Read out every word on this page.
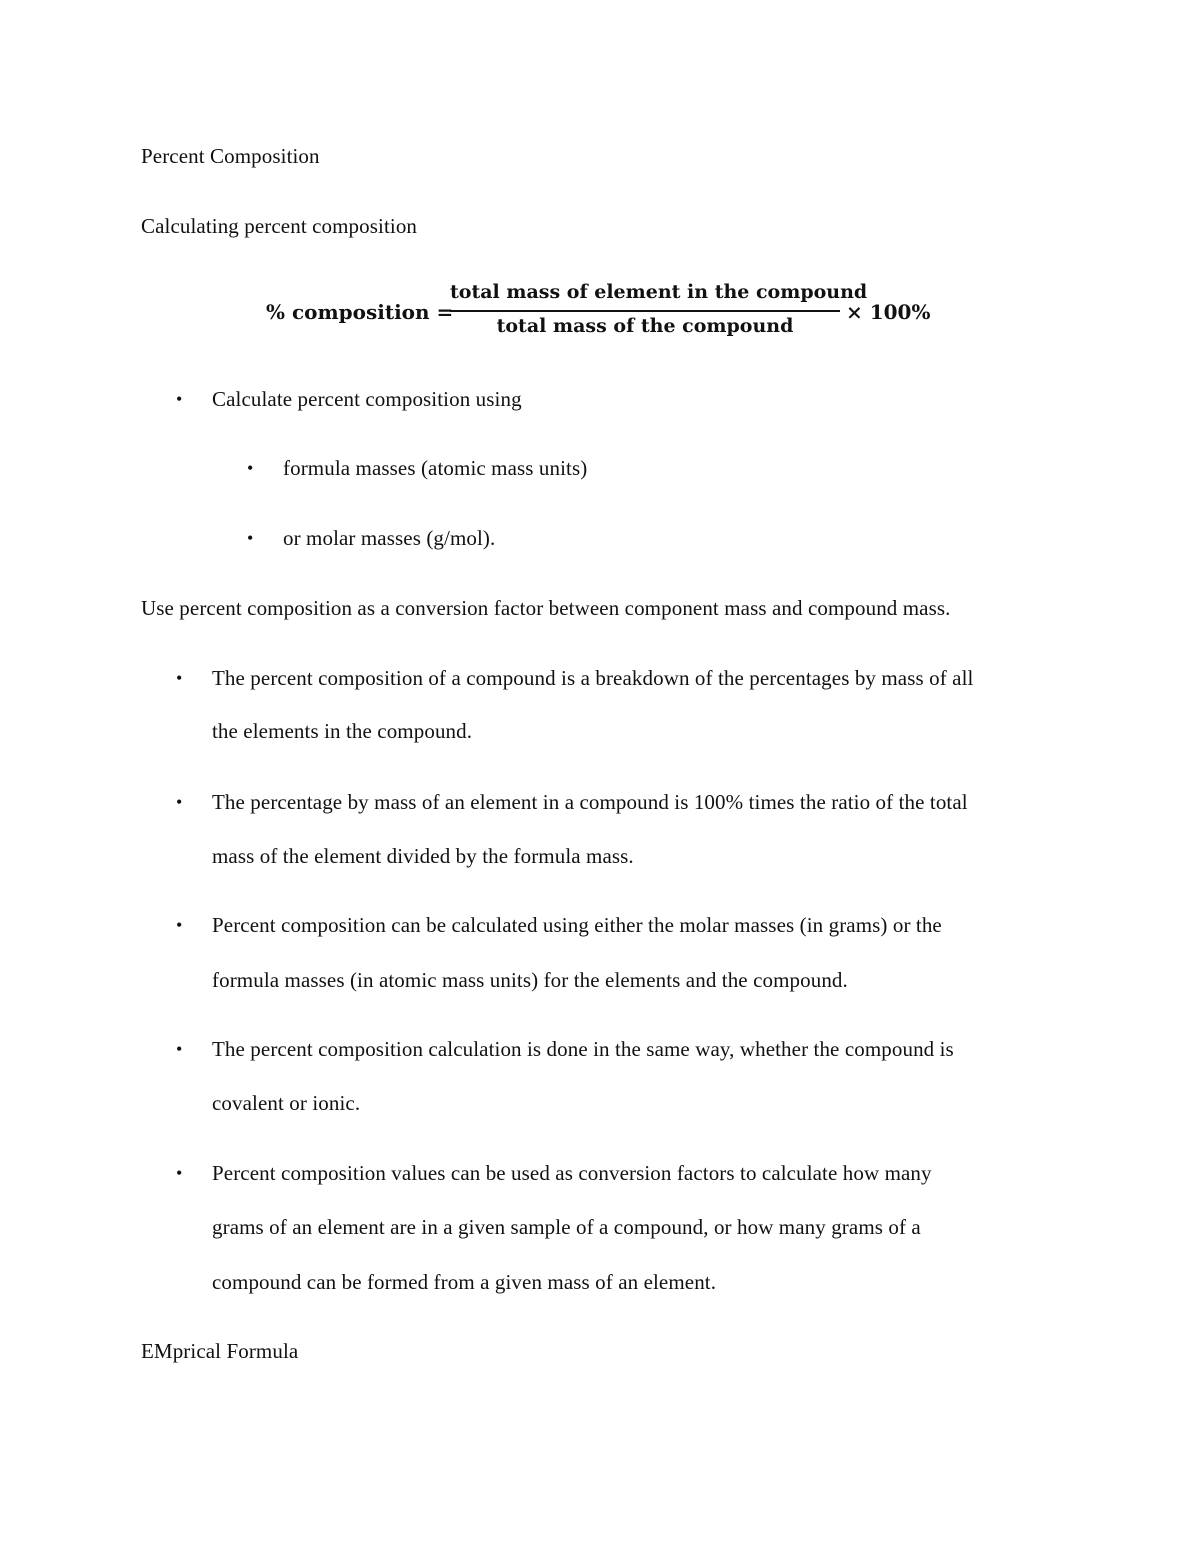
Percent Composition
Calculating percent composition
% composition =
total mass of element in the compound
total mass of the compound
× 100%
• Calculate percent composition using
• formula masses (atomic mass units)
• or molar masses (g/mol).
Use percent composition as a conversion factor between component mass and compound mass.
• The percent composition of a compound is a breakdown of the percentages by mass of all
the elements in the compound.
• The percentage by mass of an element in a compound is 100% times the ratio of the total
mass of the element divided by the formula mass.
• Percent composition can be calculated using either the molar masses (in grams) or the
formula masses (in atomic mass units) for the elements and the compound.
• The percent composition calculation is done in the same way, whether the compound is
covalent or ionic.
• Percent composition values can be used as conversion factors to calculate how many
grams of an element are in a given sample of a compound, or how many grams of a
compound can be formed from a given mass of an element.
EMprical Formula
